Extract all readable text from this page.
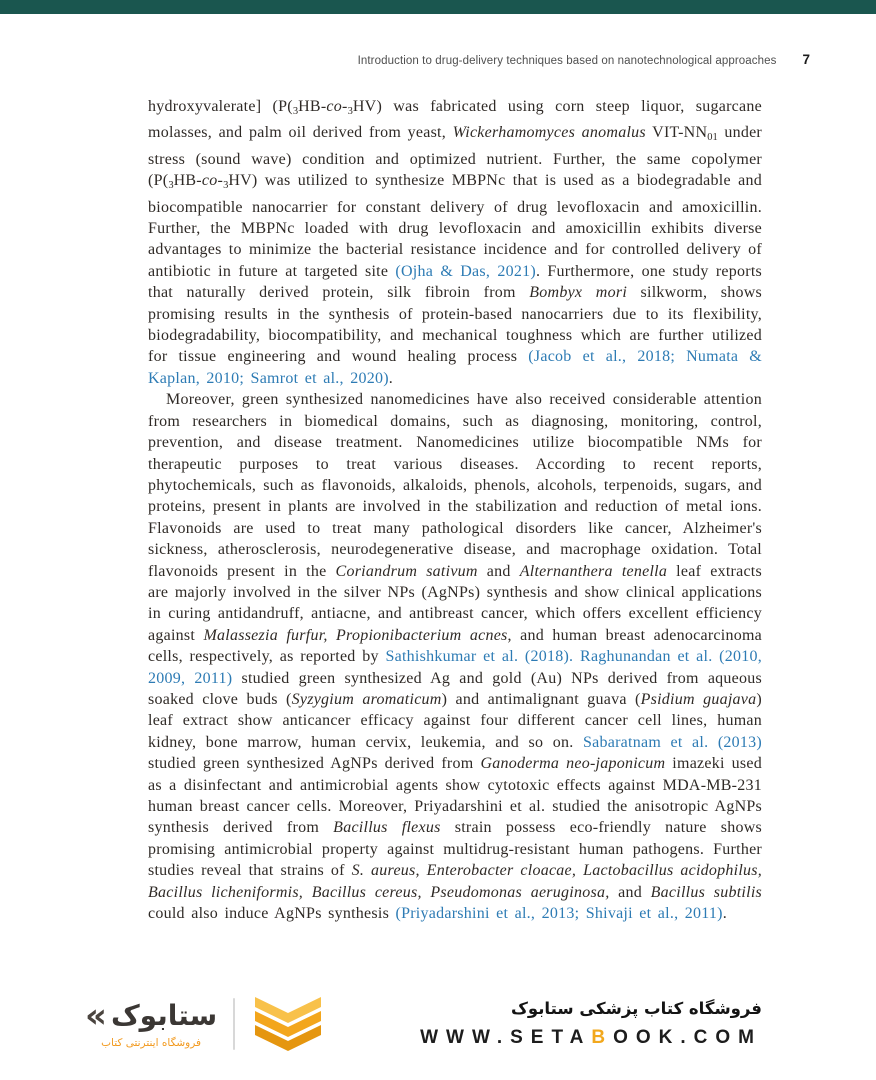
Introduction to drug-delivery techniques based on nanotechnological approaches 7

hydroxyvalerate] ($P(_3HB-co-_3HV)$ was fabricated using corn steep liquor, sugarcane molasses, and palm oil derived from yeast, Wickerhamomyces anomalus VIT-$NN_{01}$ under stress (sound wave) condition and optimized nutrient. Further, the same copolymer ($P(_3HB-co-_3HV)$ was utilized to synthesize MBPNc that is used as a biodegradable and biocompatible nanocarrier for constant delivery of drug levofloxacin and amoxicillin. Further, the MBPNc loaded with drug levofloxacin and amoxicillin exhibits diverse advantages to minimize the bacterial resistance incidence and for controlled delivery of antibiotic in future at targeted site (Ojha & Das, 2021). Furthermore, one study reports that naturally derived protein, silk fibroin from Bombyx mori silkworm, shows promising results in the synthesis of protein-based nanocarriers due to its flexibility, biodegradability, biocompatibility, and mechanical toughness which are further utilized for tissue engineering and wound healing process (Jacob et al., 2018; Numata & Kaplan, 2010; Samrot et al., 2020).

Moreover, green synthesized nanomedicines have also received considerable attention from researchers in biomedical domains, such as diagnosing, monitoring, control, prevention, and disease treatment. Nanomedicines utilize biocompatible NMs for therapeutic purposes to treat various diseases. According to recent reports, phytochemicals, such as flavonoids, alkaloids, phenols, alcohols, terpenoids, sugars, and proteins, present in plants are involved in the stabilization and reduction of metal ions. Flavonoids are used to treat many pathological disorders like cancer, Alzheimer's sickness, atherosclerosis, neurodegenerative disease, and macrophage oxidation. Total flavonoids present in the Coriandrum sativum and Alternanthera tenella leaf extracts are majorly involved in the silver NPs (AgNPs) synthesis and show clinical applications in curing antidandruff, antiacne, and antibreast cancer, which offers excellent efficiency against Malassezia furfur, Propionibacterium acnes, and human breast adenocarcinoma cells, respectively, as reported by Sathishkumar et al. (2018). Raghunandan et al. (2010, 2009, 2011) studied green synthesized Ag and gold (Au) NPs derived from aqueous soaked clove buds (Syzygium aromaticum) and antimalignant guava (Psidium guajava) leaf extract show anticancer efficacy against four different cancer cell lines, human kidney, bone marrow, human cervix, leukemia, and so on. Sabaratnam et al. (2013) studied green synthesized AgNPs derived from Ganoderma neo-japonicum imazeki used as a disinfectant and antimicrobial agents show cytotoxic effects against MDA-MB-231 human breast cancer cells. Moreover, Priyadarshini et al. studied the anisotropic AgNPs synthesis derived from Bacillus flexus strain possess eco-friendly nature shows promising antimicrobial property against multidrug-resistant human pathogens. Further studies reveal that strains of S. aureus, Enterobacter cloacae, Lactobacillus acidophilus, Bacillus licheniformis, Bacillus cereus, Pseudomonas aeruginosa, and Bacillus subtilis could also induce AgNPs synthesis (Priyadarshini et al., 2013; Shivaji et al., 2011).

« ستابوک
فروشگاه اینترنتی کتاب
فروشگاه کتاب پزشکی ستابوک
WWW.SETABOOK.COM
